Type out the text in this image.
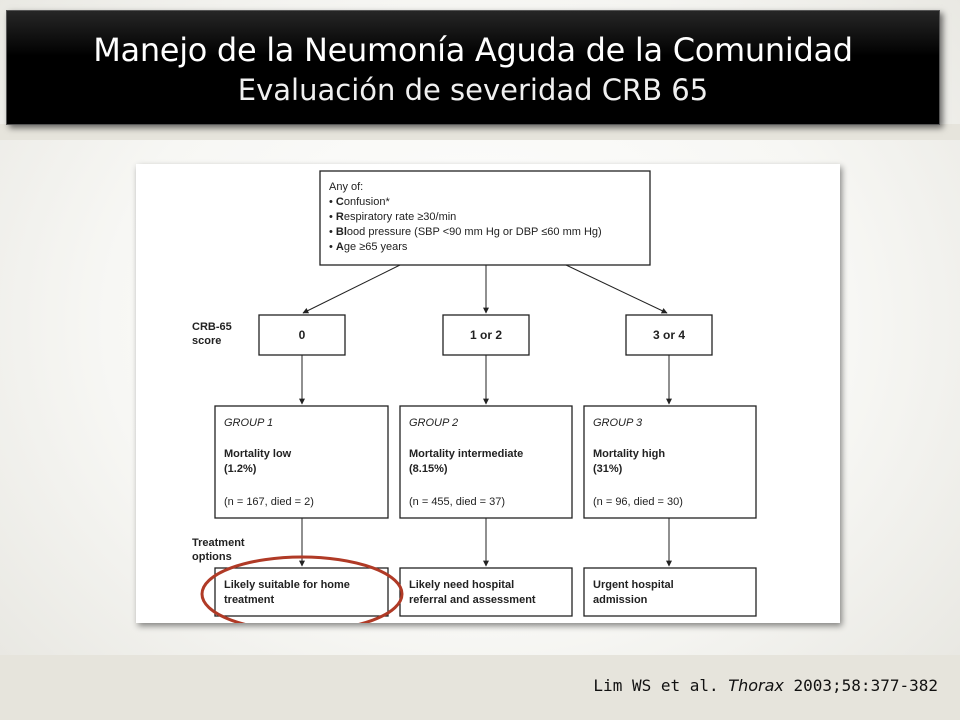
Manejo de la Neumonía Aguda de la Comunidad
Evaluación de severidad CRB 65
Any of:
• Confusion*
• Respiratory rate ≥30/min
• Blood pressure (SBP <90 mm Hg or DBP ≤60 mm Hg)
• Age ≥65 years
CRB-65 score	0	1 or 2	3 or 4
GROUP 1
Mortality low
(1.2%)
(n = 167, died = 2)
GROUP 2
Mortality intermediate
(8.15%)
(n = 455, died = 37)
GROUP 3
Mortality high
(31%)
(n = 96, died = 30)
Treatment options
Likely suitable for home treatment
Likely need hospital referral and assessment
Urgent hospital admission
Lim WS et al. Thorax 2003;58:377-382
